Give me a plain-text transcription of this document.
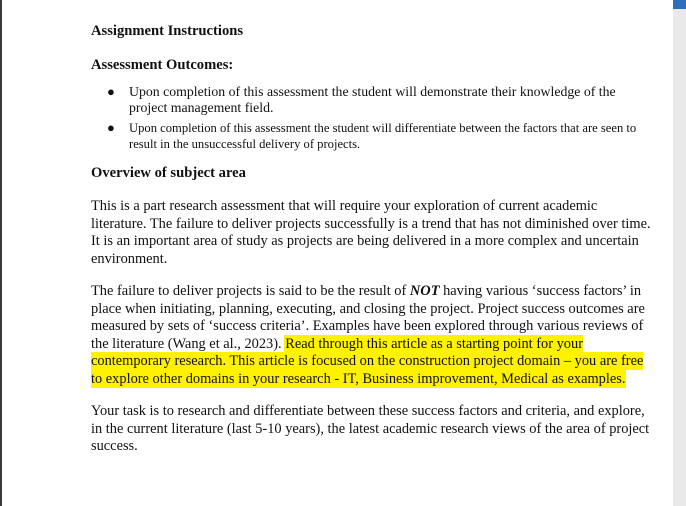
Assignment Instructions

Assessment Outcomes:

● Upon completion of this assessment the student will demonstrate their knowledge of the project management field.
● Upon completion of this assessment the student will differentiate between the factors that are seen to result in the unsuccessful delivery of projects.

Overview of subject area

This is a part research assessment that will require your exploration of current academic literature. The failure to deliver projects successfully is a trend that has not diminished over time. It is an important area of study as projects are being delivered in a more complex and uncertain environment.

The failure to deliver projects is said to be the result of NOT having various ‘success factors’ in place when initiating, planning, executing, and closing the project. Project success outcomes are measured by sets of ‘success criteria’. Examples have been explored through various reviews of the literature (Wang et al., 2023). Read through this article as a starting point for your contemporary research. This article is focused on the construction project domain – you are free to explore other domains in your research - IT, Business improvement, Medical as examples.

Your task is to research and differentiate between these success factors and criteria, and explore, in the current literature (last 5-10 years), the latest academic research views of the area of project success.
